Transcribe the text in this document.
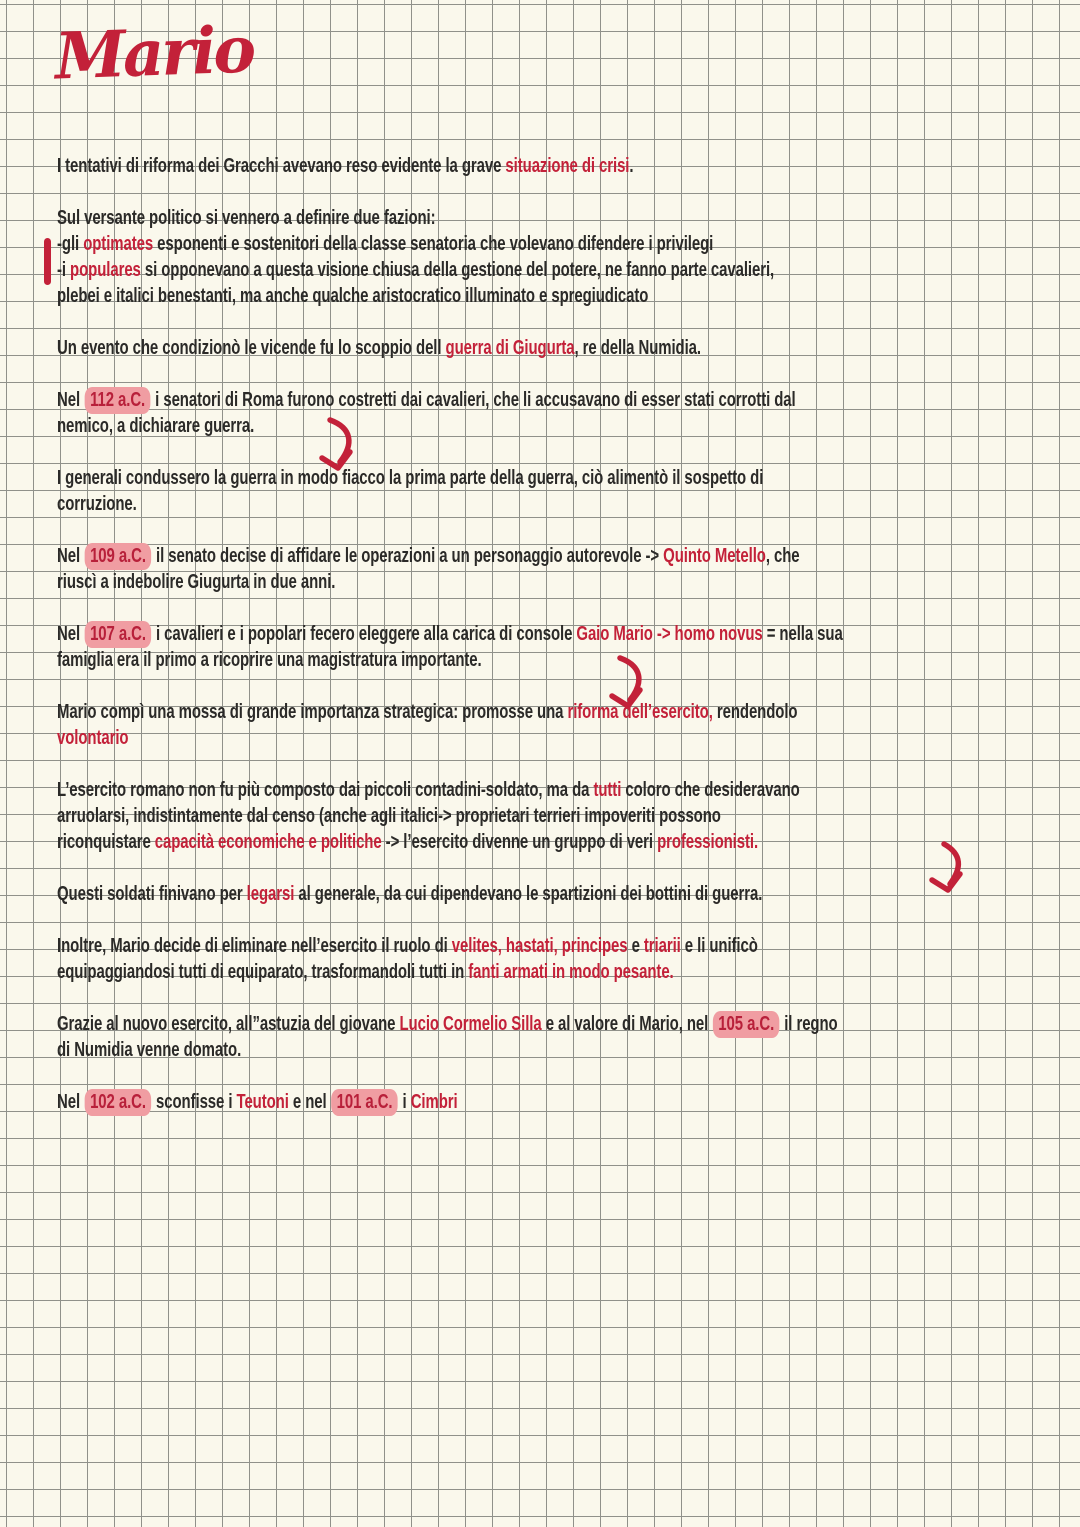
Mario

I tentativi di riforma dei Gracchi avevano reso evidente la grave situazione di crisi.

Sul versante politico si vennero a definire due fazioni:

-gli optimates esponenti e sostenitori della classe senatoria che volevano difendere i privilegi

-i populares si opponevano a questa visione chiusa della gestione del potere, ne fanno parte cavalieri,
plebei e italici benestanti, ma anche qualche aristocratico illuminato e spregiudicato

Un evento che condizionò le vicende fu lo scoppio dell guerra di Giugurta, re della Numidia.

Nel 112 a.C. i senatori di Roma furono costretti dai cavalieri, che li accusavano di esser stati corrotti dal
nemico, a dichiarare guerra.

I generali condussero la guerra in modo fiacco la prima parte della guerra, ciò alimentò il sospetto di
corruzione.

Nel 109 a.C. il senato decise di affidare le operazioni a un personaggio autorevole -> Quinto Metello, che
riuscì a indebolire Giugurta in due anni.

Nel 107 a.C. i cavalieri e i popolari fecero eleggere alla carica di console Gaio Mario -> homo novus = nella sua
famiglia era il primo a ricoprire una magistratura importante.

Mario compì una mossa di grande importanza strategica: promosse una riforma dell’esercito, rendendolo
volontario

L’esercito romano non fu più composto dai piccoli contadini-soldato, ma da tutti coloro che desideravano
arruolarsi, indistintamente dal censo (anche agli italici-> proprietari terrieri impoveriti possono
riconquistare capacità economiche e politiche -> l’esercito divenne un gruppo di veri professionisti.

Questi soldati finivano per legarsi al generale, da cui dipendevano le spartizioni dei bottini di guerra.

Inoltre, Mario decide di eliminare nell’esercito il ruolo di velites, hastati, principes e triarii e li unificò
equipaggiandosi tutti di equiparato, trasformandoli tutti in fanti armati in modo pesante.

Grazie al nuovo esercito, all”astuzia del giovane Lucio Cormelio Silla e al valore di Mario, nel 105 a.C. il regno
di Numidia venne domato.

Nel 102 a.C. sconfisse i Teutoni e nel 101 a.C. i Cimbri
